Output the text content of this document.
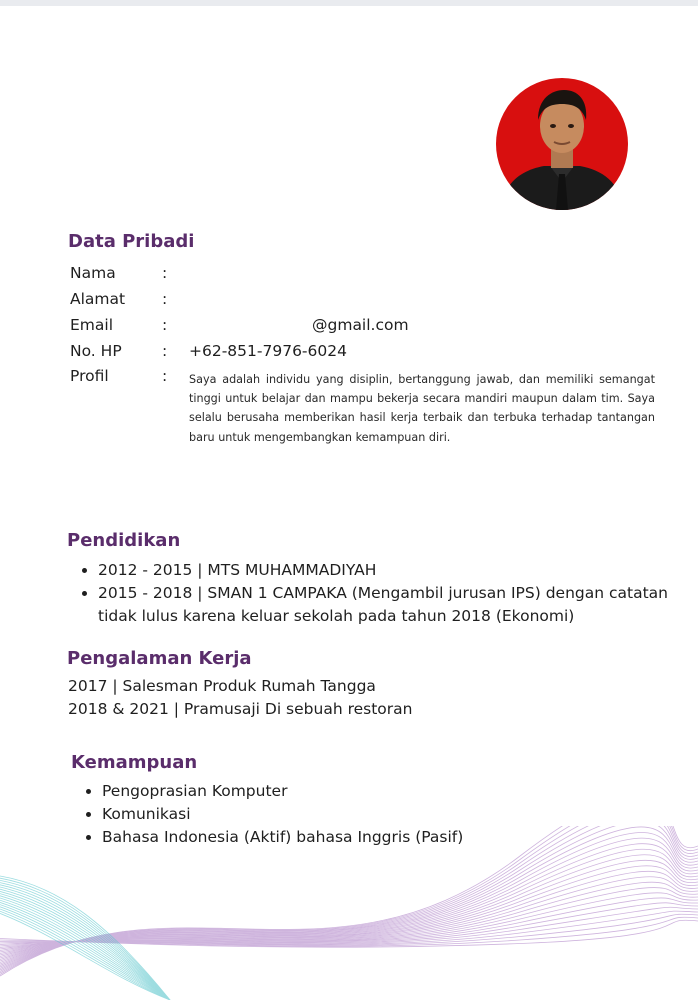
Data Pribadi
Nama	:
Alamat :
Email	:	@gmail.com
No. HP	: +62-851-7976-6024
Profil	: Saya adalah individu yang disiplin, bertanggung jawab, dan memiliki semangat tinggi untuk belajar dan mampu bekerja secara mandiri maupun dalam tim. Saya selalu berusaha memberikan hasil kerja terbaik dan terbuka terhadap tantangan baru untuk mengembangkan kemampuan diri.
Pendidikan
• 2012 - 2015 | MTS MUHAMMADIYAH
• 2015 - 2018 | SMAN 1 CAMPAKA (Mengambil jurusan IPS) dengan catatan tidak lulus karena keluar sekolah pada tahun 2018 (Ekonomi)
Pengalaman Kerja
2017 | Salesman Produk Rumah Tangga
2018 & 2021 | Pramusaji Di sebuah restoran
Kemampuan
• Pengoprasian Komputer
• Komunikasi
• Bahasa Indonesia (Aktif) bahasa Inggris (Pasif)
